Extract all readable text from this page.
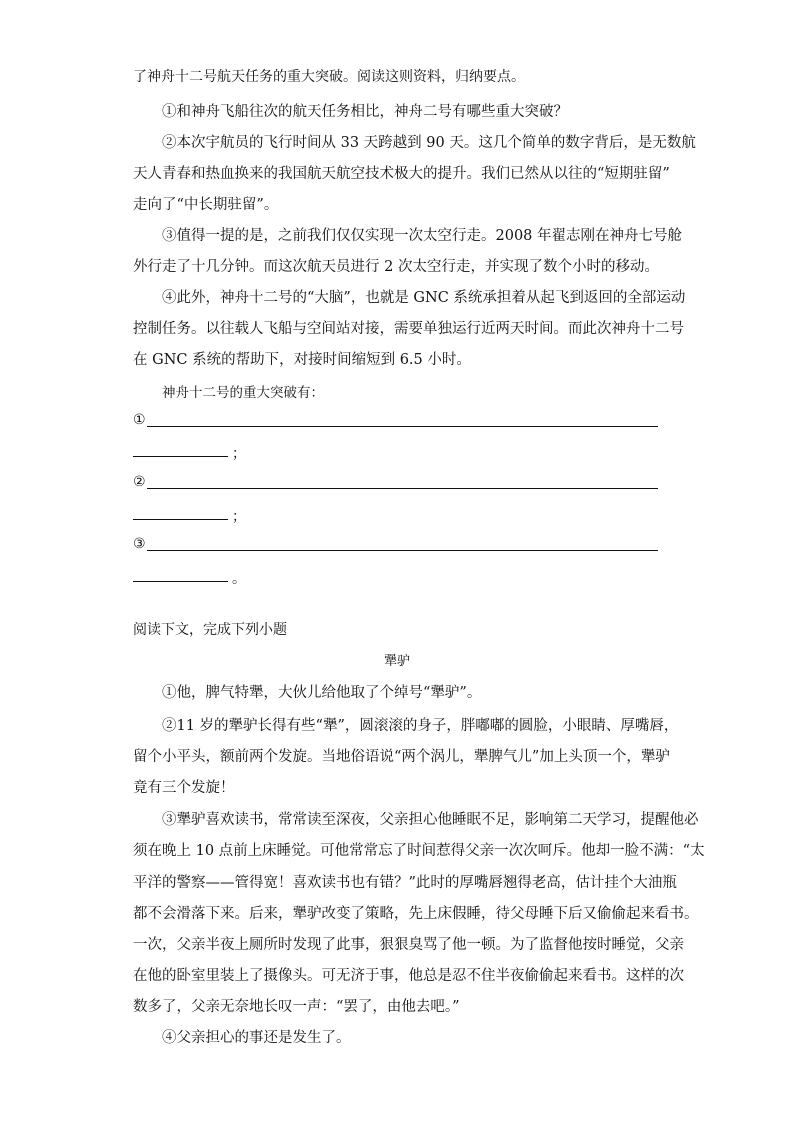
了神舟十二号航天任务的重大突破。阅读这则资料，归纳要点。
①和神舟飞船往次的航天任务相比，神舟二号有哪些重大突破？
②本次宇航员的飞行时间从 33 天跨越到 90 天。这几个简单的数字背后，是无数航
天人青春和热血换来的我国航天航空技术极大的提升。我们已然从以往的“短期驻留”
走向了“中长期驻留”。
③值得一提的是，之前我们仅仅实现一次太空行走。2008 年翟志刚在神舟七号舱
外行走了十几分钟。而这次航天员进行 2 次太空行走，并实现了数个小时的移动。
④此外，神舟十二号的“大脑”，也就是 GNC 系统承担着从起飞到返回的全部运动
控制任务。以往载人飞船与空间站对接，需要单独运行近两天时间。而此次神舟十二号
在 GNC 系统的帮助下，对接时间缩短到 6.5 小时。
神舟十二号的重大突破有：
①
；
②
；
③
。
阅读下文，完成下列小题
犟驴
①他，脾气特犟，大伙儿给他取了个绰号“犟驴”。
②11 岁的犟驴长得有些“犟”，圆滚滚的身子，胖嘟嘟的圆脸，小眼睛、厚嘴唇，
留个小平头，额前两个发旋。当地俗语说“两个涡儿，犟脾气儿”加上头顶一个，犟驴
竟有三个发旋！
③犟驴喜欢读书，常常读至深夜，父亲担心他睡眠不足，影响第二天学习，提醒他必
须在晚上 10 点前上床睡觉。可他常常忘了时间惹得父亲一次次呵斥。他却一脸不满：“太
平洋的警察——管得宽！喜欢读书也有错？”此时的厚嘴唇翘得老高，估计挂个大油瓶
都不会滑落下来。后来，犟驴改变了策略，先上床假睡，待父母睡下后又偷偷起来看书。
一次，父亲半夜上厕所时发现了此事，狠狠臭骂了他一顿。为了监督他按时睡觉，父亲
在他的卧室里装上了摄像头。可无济于事，他总是忍不住半夜偷偷起来看书。这样的次
数多了，父亲无奈地长叹一声：“罢了，由他去吧。”
④父亲担心的事还是发生了。
